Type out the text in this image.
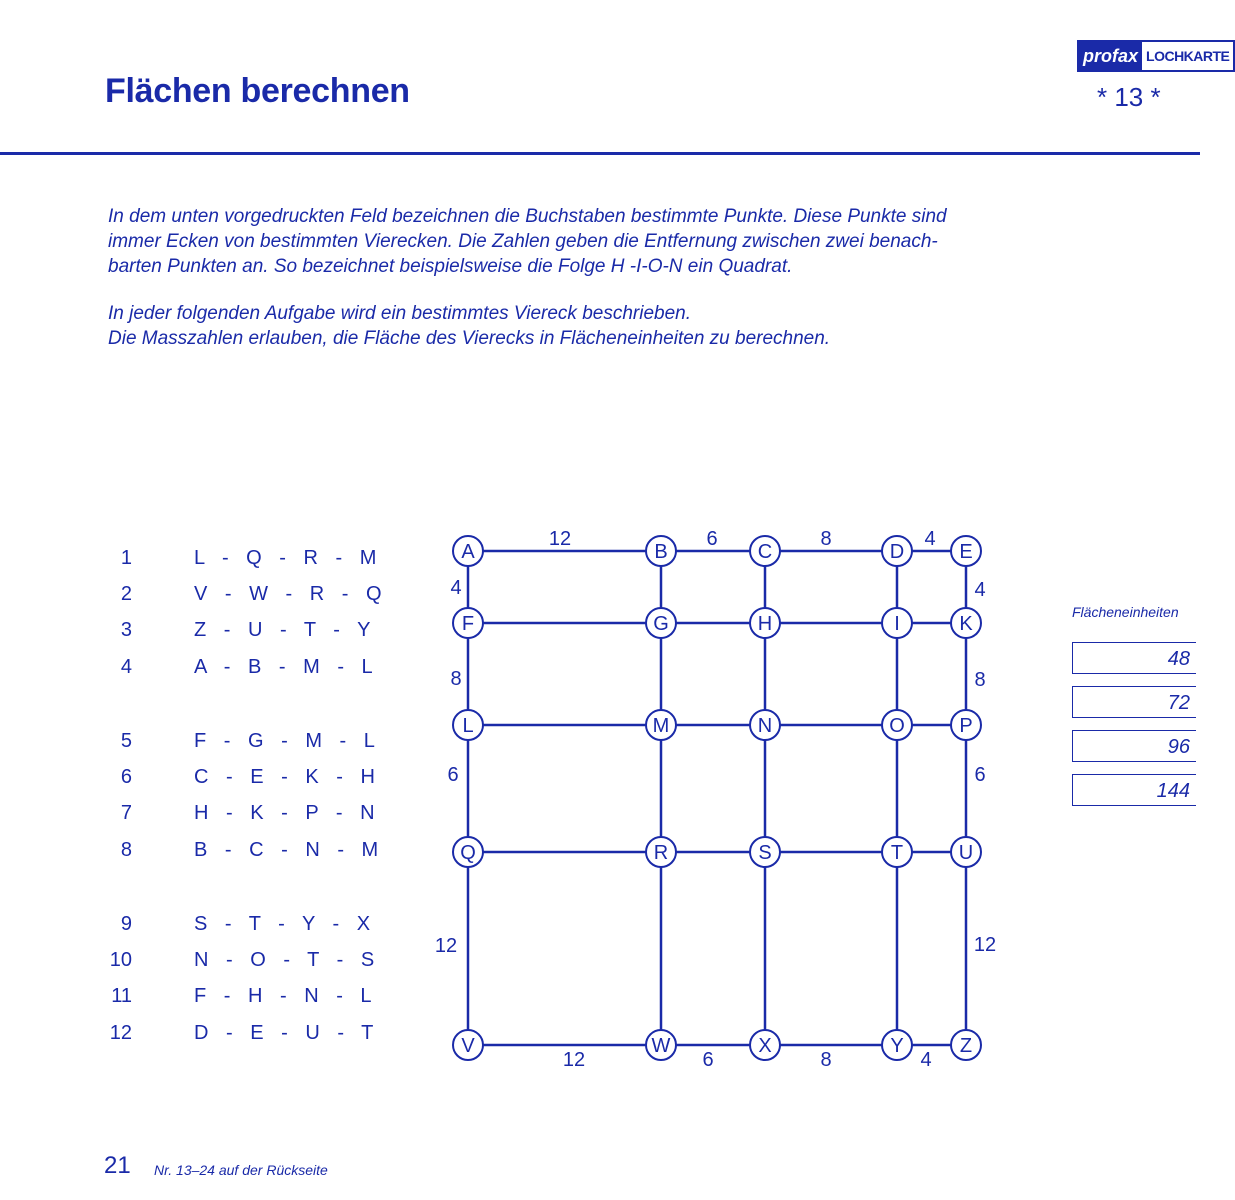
Flächen berechnen
profax LOCHKARTE
* 13 *

In dem unten vorgedruckten Feld bezeichnen die Buchstaben bestimmte Punkte. Diese Punkte sind
immer Ecken von bestimmten Vierecken. Die Zahlen geben die Entfernung zwischen zwei benach-
barten Punkten an. So bezeichnet beispielsweise die Folge H -I-O-N ein Quadrat.

In jeder folgenden Aufgabe wird ein bestimmtes Viereck beschrieben.
Die Masszahlen erlauben, die Fläche des Vierecks in Flächeneinheiten zu berechnen.

1	L - Q - R - M
2	V - W - R - Q
3	Z - U - T - Y
4	A - B - M - L
5	F - G - M - L
6	C - E - K - H
7	H - K - P - N
8	B - C - N - M
9	S - T - Y - X
10	N - O - T - S
11	F - H - N - L
12	D - E - U - T
A	B	C	D	E
F	G	H	I	K
L	M	N	O	P
Q	R	S	T	U
V	W	X	Y	Z
12	6	8	4
12	6	8	4
4
8
6
12
4
8
6
12
Flächeneinheiten
48
72
96
144
21 Nr. 13–24 auf der Rückseite
